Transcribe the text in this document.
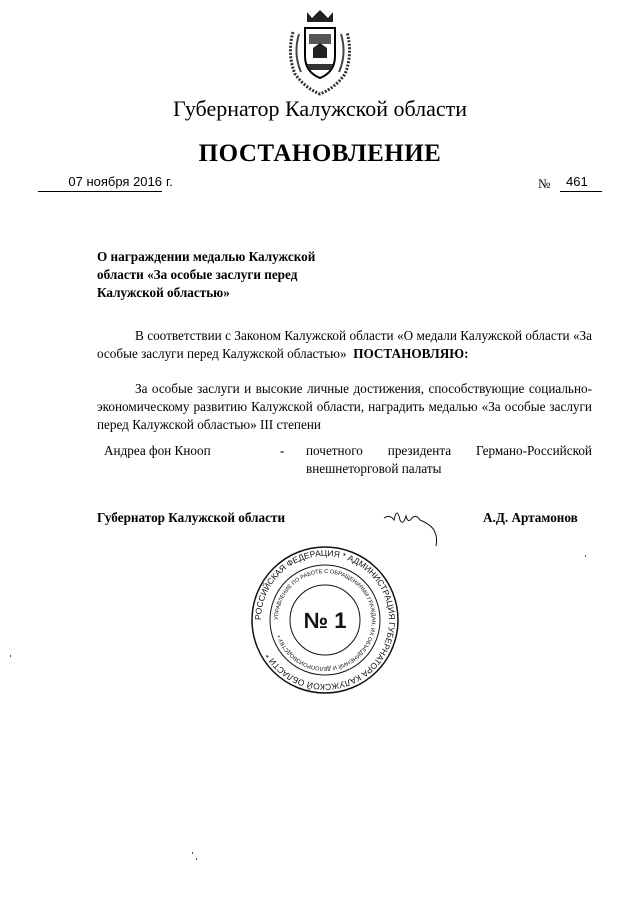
Губернатор Калужской области
ПОСТАНОВЛЕНИЕ
07 ноября 2016 г.	№	461
О награждении медалью Калужской
области «За особые заслуги перед
Калужской областью»
В соответствии с Законом Калужской области «О медали Калужской области «За особые заслуги перед Калужской областью» ПОСТАНОВЛЯЮ:
За особые заслуги и высокие личные достижения, способствующие социально-экономическому развитию Калужской области, наградить медалью «За особые заслуги перед Калужской областью» III степени
Андреа фон Кнооп	- почетного президента Германо-Российской
внешнеторговой палаты
Губернатор Калужской области	А.Д. Артамонов
РОССИЙСКАЯ ФЕДЕРАЦИЯ * АДМИНИСТРАЦИЯ ГУБЕРНАТОРА КАЛУЖСКОЙ ОБЛАСТИ *
УПРАВЛЕНИЕ ПО РАБОТЕ С ОБРАЩЕНИЯМИ ГРАЖДАН, ИХ ОБЪЕДИНЕНИЙ И ДЕЛОПРОИЗВОДСТВУ •
№ 1
